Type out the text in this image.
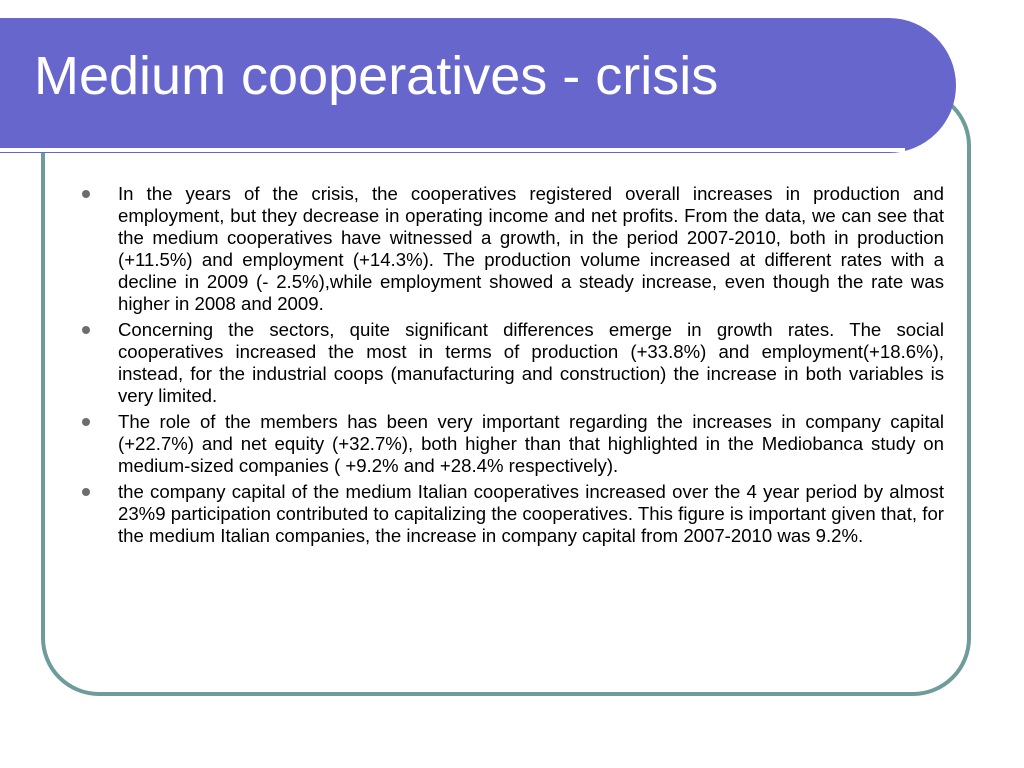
Medium cooperatives - crisis
In the years of the crisis, the cooperatives registered overall increases in production and employment, but they decrease in operating income and net profits. From the data, we can see that the medium cooperatives have witnessed a growth, in the period 2007-2010, both in production (+11.5%) and employment (+14.3%). The production volume increased at different rates with a decline in 2009 (- 2.5%),while employment showed a steady increase, even though the rate was higher in 2008 and 2009.
Concerning the sectors, quite significant differences emerge in growth rates. The social cooperatives increased the most in terms of production (+33.8%) and employment(+18.6%), instead, for the industrial coops (manufacturing and construction) the increase in both variables is very limited.
The role of the members has been very important regarding the increases in company capital (+22.7%) and net equity (+32.7%), both higher than that highlighted in the Mediobanca study on medium-sized companies ( +9.2% and +28.4% respectively).
the company capital of the medium Italian cooperatives increased over the 4 year period by almost 23%9 participation contributed to capitalizing the cooperatives. This figure is important given that, for the medium Italian companies, the increase in company capital from 2007-2010 was 9.2%.
